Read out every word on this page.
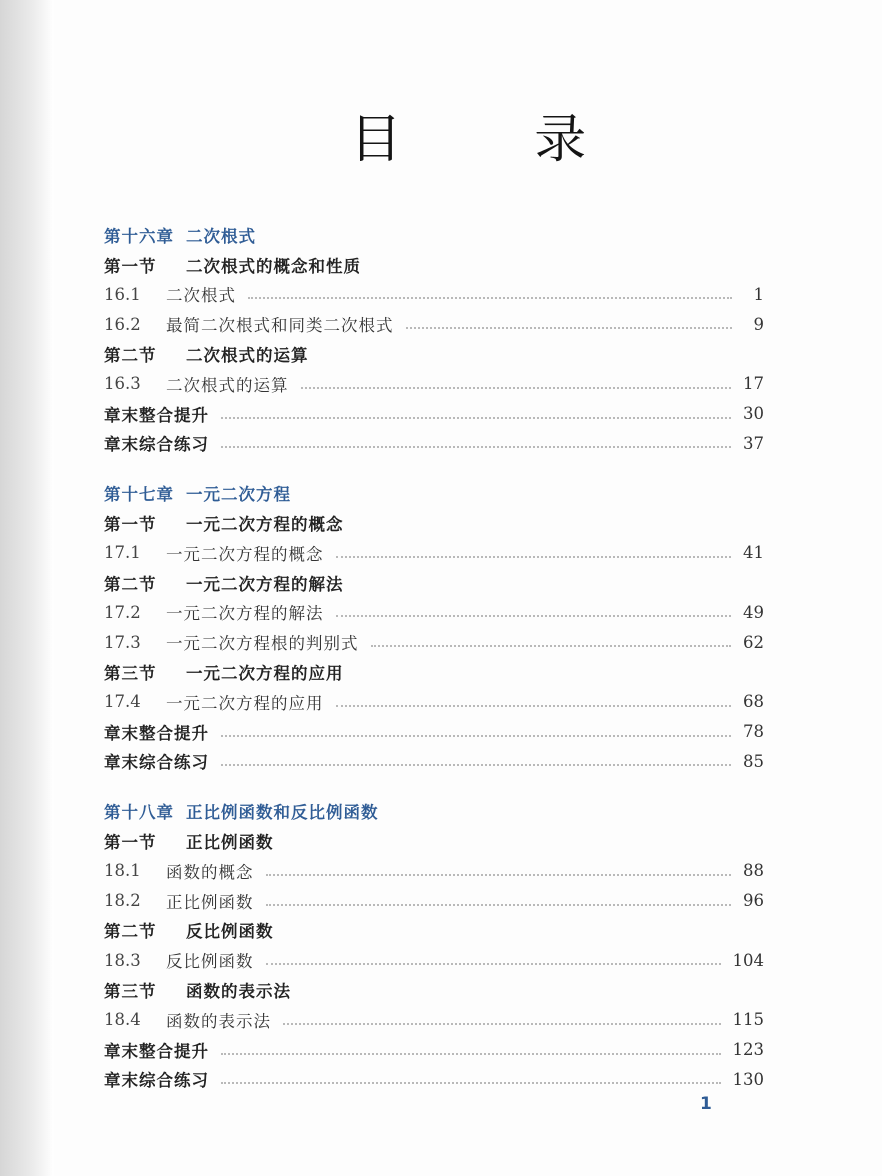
目 录
第十六章 二次根式
第一节	二次根式的概念和性质
16.1	二次根式	1
16.2	最简二次根式和同类二次根式	9
第二节	二次根式的运算
16.3	二次根式的运算	17
章末整合提升	30
章末综合练习	37
第十七章 一元二次方程
第一节	一元二次方程的概念
17.1	一元二次方程的概念	41
第二节	一元二次方程的解法
17.2	一元二次方程的解法	49
17.3	一元二次方程根的判别式	62
第三节	一元二次方程的应用
17.4	一元二次方程的应用	68
章末整合提升	78
章末综合练习	85
第十八章 正比例函数和反比例函数
第一节	正比例函数
18.1	函数的概念	88
18.2	正比例函数	96
第二节	反比例函数
18.3	反比例函数	104
第三节	函数的表示法
18.4	函数的表示法	115
章末整合提升	123
章末综合练习	130
1
